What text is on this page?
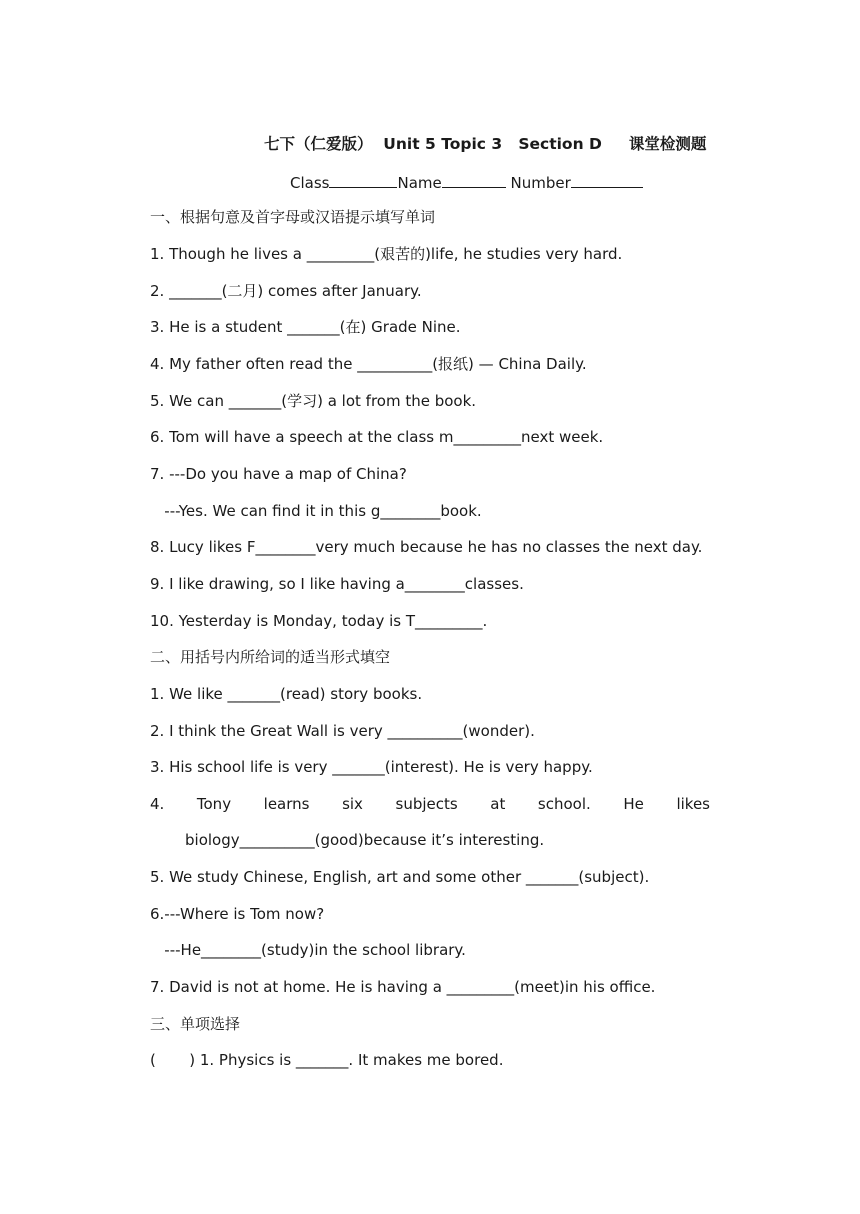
七下（仁爱版）  Unit 5 Topic 3   Section D     课堂检测题
Class	Name	Number
一、根据句意及首字母或汉语提示填写单词
1. Though he lives a _________(艰苦的)life, he studies very hard.
2. _______(二月) comes after January.
3. He is a student _______(在) Grade Nine.
4. My father often read the __________(报纸) — China Daily.
5. We can _______(学习) a lot from the book.
6. Tom will have a speech at the class m_________next week.
7. ---Do you have a map of China?
---Yes. We can find it in this g________book.
8. Lucy likes F________very much because he has no classes the next day.
9. I like drawing, so I like having a________classes.
10. Yesterday is Monday, today is T_________.
二、用括号内所给词的适当形式填空
1. We like _______(read) story books.
2. I think the Great Wall is very __________(wonder).
3. His school life is very _______(interest). He is very happy.
4. Tony learns six subjects at school. He likes
biology__________(good)because it’s interesting.
5. We study Chinese, English, art and some other _______(subject).
6.---Where is Tom now?
---He________(study)in the school library.
7. David is not at home. He is having a _________(meet)in his office.
三、单项选择
(       ) 1. Physics is _______. It makes me bored.
